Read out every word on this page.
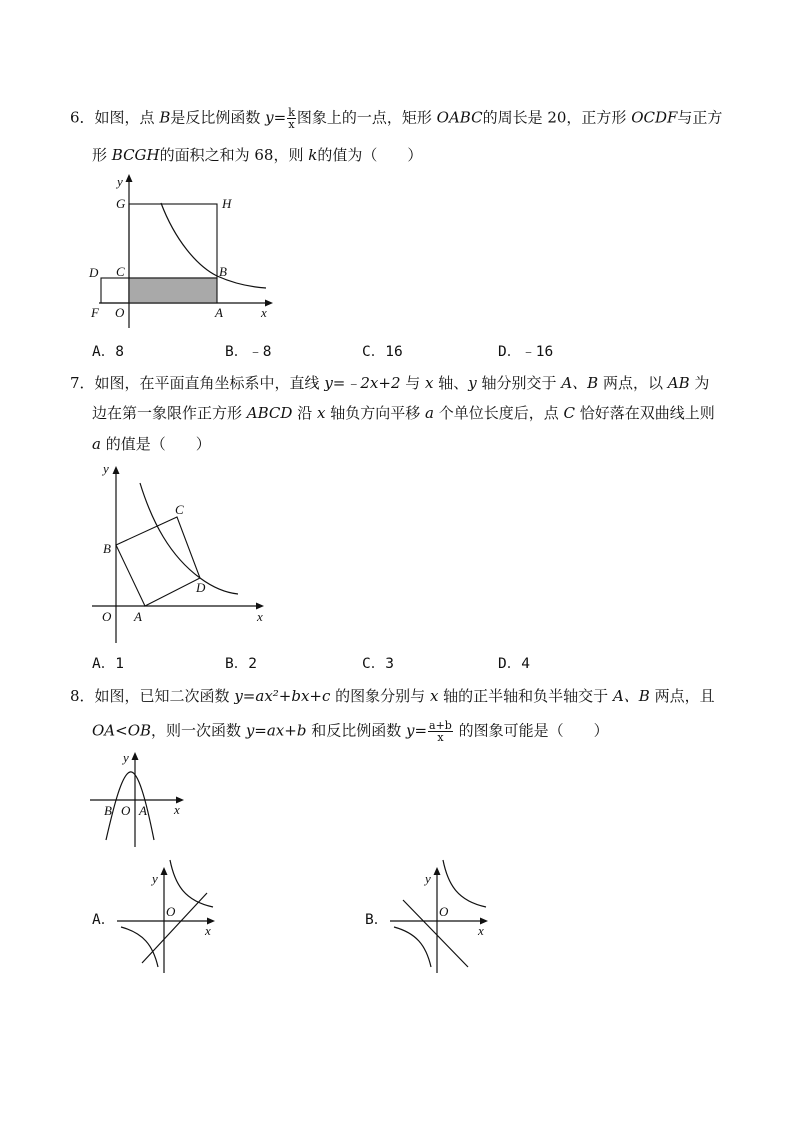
6．如图，点 B是反比例函数 $y= \frac{k}{x}$ 图象上的一点，矩形 OABC的周长是 20，正方形 OCDF与正方
形 BCGH的面积之和为 68，则 k的值为（　　）
y
x
G	H
D C	B
F O	A
A．8	B．﹣8	C．16	D．﹣16
7．如图，在平面直角坐标系中，直线 y=﹣2x+2 与 x 轴、y 轴分别交于 A、B 两点，以 AB 为
边在第一象限作正方形 ABCD 沿 x 轴负方向平移 a 个单位长度后，点 C 恰好落在双曲线上则
a 的值是（　　）
y
x
B
C
D
O A
A．1	B．2	C．3	D．4
8．如图，已知二次函数 y=ax²+bx+c 的图象分别与 x 轴的正半轴和负半轴交于 A、B 两点，且
OA<OB，则一次函数 y=ax+b 和反比例函数 $y= \frac{a+b}{x}$ 的图象可能是（　　）
y
x
B O A
A．
y
O
x
B．
y
O
x
